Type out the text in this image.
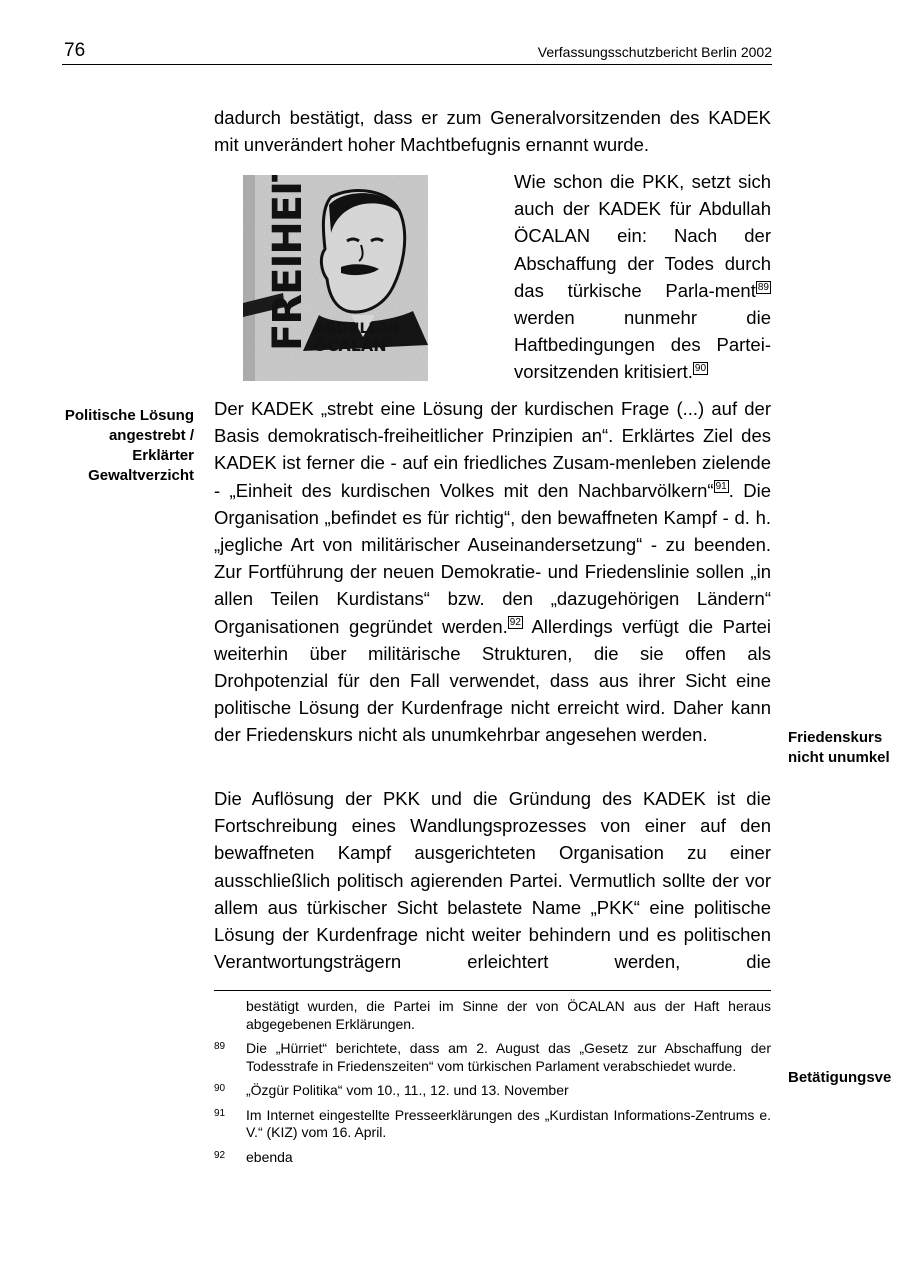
76	Verfassungsschutzbericht Berlin 2002
dadurch bestätigt, dass er zum Generalvorsitzenden des KADEK mit unverändert hoher Machtbefugnis ernannt wurde.
FREIHEIT ABDULLAH
ÖCALAN
Wie schon die PKK, setzt sich auch der KADEK für Abdullah ÖCALAN ein: Nach der Abschaffung der Todes durch das türkische Parla-ment $^{89}$ werden nunmehr die Haftbedingungen des Partei-vorsitzenden kritisiert. $^{90}$
Politische Lösung
angestrebt /
Erklärter
Gewaltverzicht
Der KADEK „strebt eine Lösung der kurdischen Frage (...) auf der Basis demokratisch-freiheitlicher Prinzipien an“. Erklärtes Ziel des KADEK ist ferner die - auf ein friedliches Zusam-menleben zielende - „Einheit des kurdischen Volkes mit den Nachbarvölkern“ $^{91}$ . Die Organisation „befindet es für richtig“, den bewaffneten Kampf - d. h. „jegliche Art von militärischer Auseinandersetzung“ - zu beenden. Zur Fortführung der neuen Demokratie- und Friedenslinie sollen „in allen Teilen Kurdistans“ bzw. den „dazugehörigen Ländern“ Organisationen gegründet werden. $^{92}$ Allerdings verfügt die Partei weiterhin über militärische Strukturen, die sie offen als Drohpotenzial für den Fall verwendet, dass aus ihrer Sicht eine politische Lösung der Kurdenfrage nicht erreicht wird. Daher kann der Friedenskurs nicht als unumkehrbar angesehen werden.	Friedenskurs
nicht unumkel
Betätigungsve
Die Auflösung der PKK und die Gründung des KADEK ist die Fortschreibung eines Wandlungsprozesses von einer auf den bewaffneten Kampf ausgerichteten Organisation zu einer ausschließlich politisch agierenden Partei. Vermutlich sollte der vor allem aus türkischer Sicht belastete Name „PKK“ eine politische Lösung der Kurdenfrage nicht weiter behindern und es politischen Verantwortungsträgern erleichtert werden, die
bestätigt wurden, die Partei im Sinne der von ÖCALAN aus der Haft heraus abgegebenen Erklärungen.
89	Die „Hürriet“ berichtete, dass am 2. August das „Gesetz zur Abschaffung der Todesstrafe in Friedenszeiten“ vom türkischen Parlament verabschiedet wurde.
90	„Özgür Politika“ vom 10., 11., 12. und 13. November
91	Im Internet eingestellte Presseerklärungen des „Kurdistan Informations-Zentrums e. V.“ (KIZ) vom 16. April.
92	ebenda
